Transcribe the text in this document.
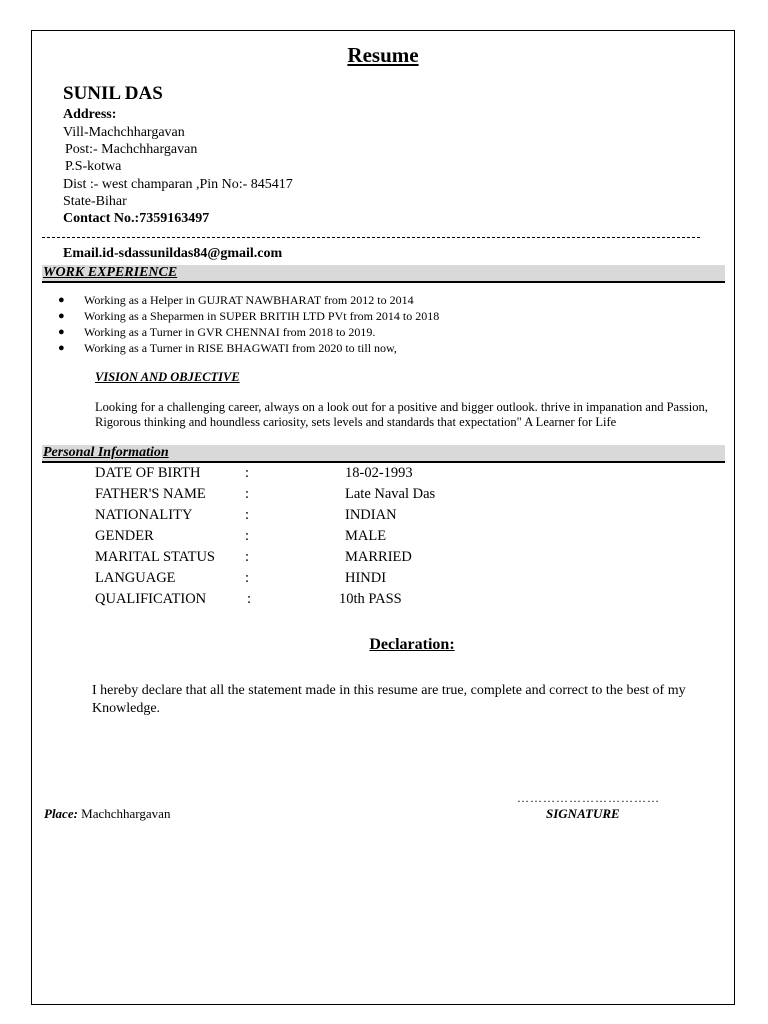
Resume
SUNIL DAS
Address:
Vill-Machchhargavan
Post:- Machchhargavan
P.S-kotwa
Dist :- west champaran ,Pin No:- 845417
State-Bihar
Contact No.:7359163497
Email.id-sdassunildas84@gmail.com
WORK EXPERIENCE
● Working as a Helper in GUJRAT NAWBHARAT from 2012 to 2014
● Working as a Sheparmen in SUPER BRITIH LTD PVt from 2014 to 2018
● Working as a Turner in GVR CHENNAI from 2018 to 2019.
● Working as a Turner in RISE BHAGWATI from 2020 to till now,
VISION AND OBJECTIVE
Looking for a challenging career, always on a look out for a positive and bigger outlook. thrive in impanation and Passion, Rigorous thinking and houndless cariosity, sets levels and standards that expectation" A Learner for Life
Personal Information
DATE OF BIRTH	:	18-02-1993
FATHER'S NAME	:	Late Naval Das
NATIONALITY	:	INDIAN
GENDER	:	MALE
MARITAL STATUS :	MARRIED
LANGUAGE	:	HINDI
QUALIFICATION	:	10th PASS
Declaration:
I hereby declare that all the statement made in this resume are true, complete and correct to the best of my Knowledge.
Place: Machchhargavan
……………………………
SIGNATURE
